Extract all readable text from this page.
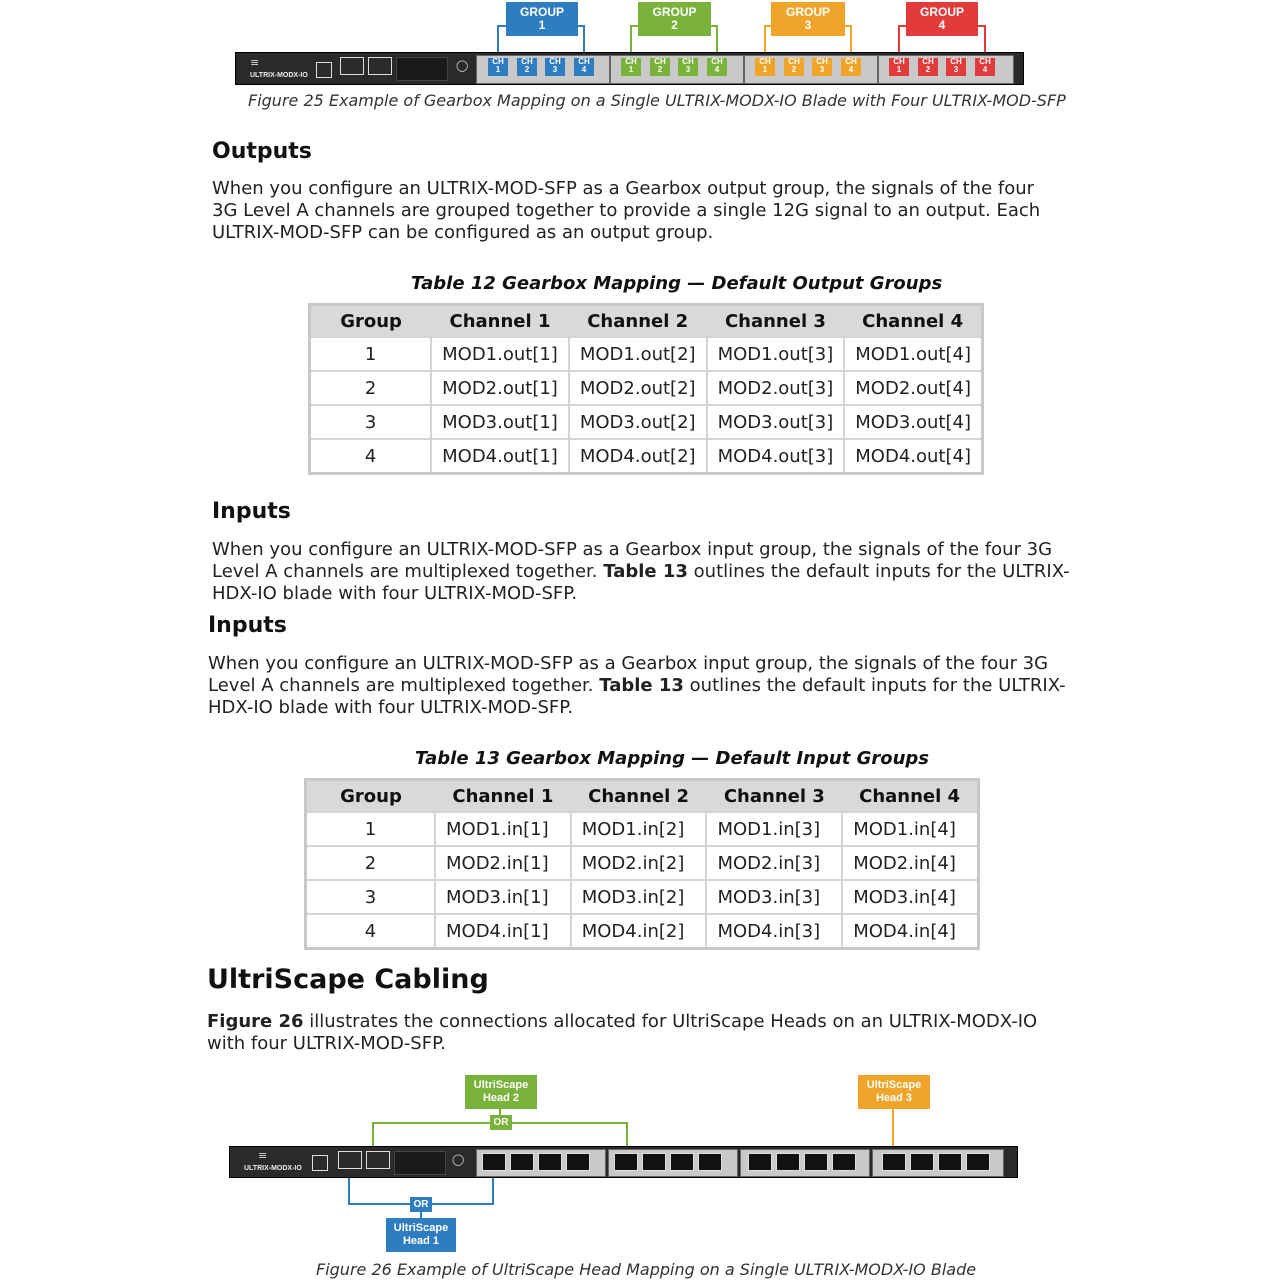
GROUP
1
GROUP
2
GROUP
3
GROUP
4
≡
ULTRIX-MODX-IO
◯	CH
1
CH
2
CH
3
CH
4
CH
1
CH
2
CH
3
CH
4
CH
1
CH
2
CH
3
CH
4
CH
1
CH
2
CH
3
CH
4
Figure 25 Example of Gearbox Mapping on a Single ULTRIX-MODX-IO Blade with Four ULTRIX-MOD-SFP
Outputs
When you configure an ULTRIX-MOD-SFP as a Gearbox output group, the signals of the four 3G Level A channels are grouped together to provide a single 12G signal to an output. Each ULTRIX-MOD-SFP can be configured as an output group.
Table 12 Gearbox Mapping — Default Output Groups
Group	Channel 1	Channel 2	Channel 3	Channel 4
1	MOD1.out[1]	MOD1.out[2]	MOD1.out[3]	MOD1.out[4]
2	MOD2.out[1]	MOD2.out[2]	MOD2.out[3]	MOD2.out[4]
3	MOD3.out[1]	MOD3.out[2]	MOD3.out[3]	MOD3.out[4]
4	MOD4.out[1]	MOD4.out[2]	MOD4.out[3]	MOD4.out[4]
Inputs
When you configure an ULTRIX-MOD-SFP as a Gearbox input group, the signals of the four 3G Level A channels are multiplexed together. Table 13 outlines the default inputs for the ULTRIX-HDX-IO blade with four ULTRIX-MOD-SFP.
Inputs
When you configure an ULTRIX-MOD-SFP as a Gearbox input group, the signals of the four 3G Level A channels are multiplexed together. Table 13 outlines the default inputs for the ULTRIX-HDX-IO blade with four ULTRIX-MOD-SFP.
Table 13 Gearbox Mapping — Default Input Groups
Group	Channel 1	Channel 2	Channel 3	Channel 4
1	MOD1.in[1]	MOD1.in[2]	MOD1.in[3]	MOD1.in[4]
2	MOD2.in[1]	MOD2.in[2]	MOD2.in[3]	MOD2.in[4]
3	MOD3.in[1]	MOD3.in[2]	MOD3.in[3]	MOD3.in[4]
4	MOD4.in[1]	MOD4.in[2]	MOD4.in[3]	MOD4.in[4]
UltriScape Cabling
Figure 26 illustrates the connections allocated for UltriScape Heads on an ULTRIX-MODX-IO with four ULTRIX-MOD-SFP.
UltriScape
Head 2
OR
UltriScape
Head 3
≡
ULTRIX-MODX-IO
◯
OR
UltriScape
Head 1
Figure 26 Example of UltriScape Head Mapping on a Single ULTRIX-MODX-IO Blade
